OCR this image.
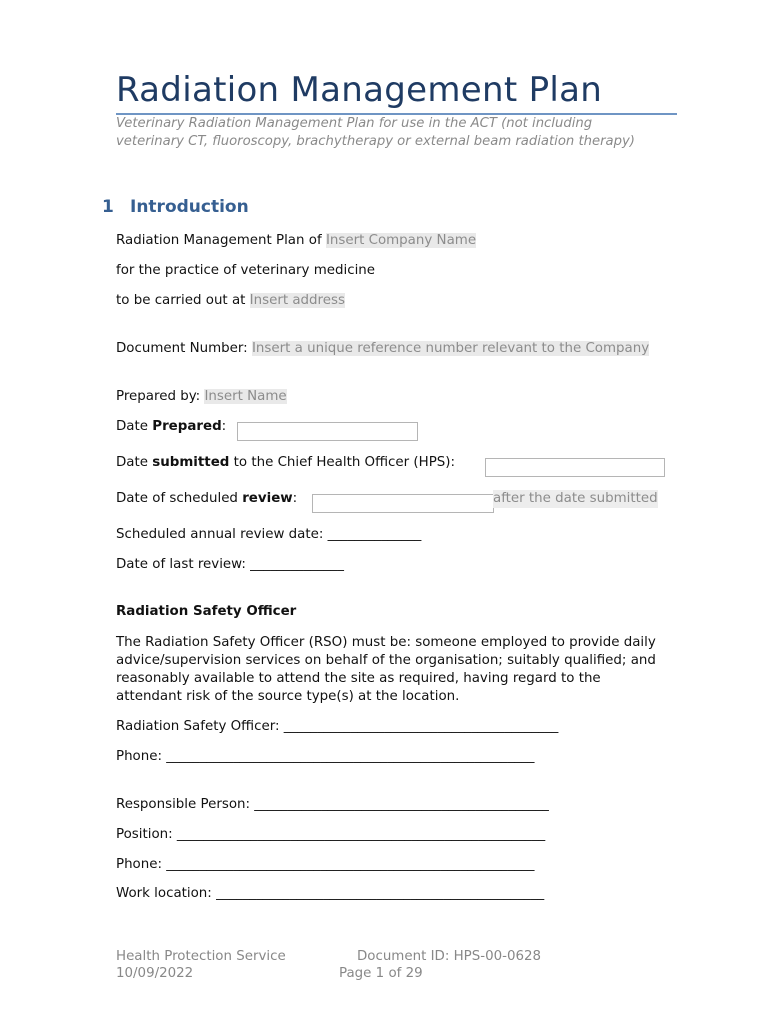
Radiation Management Plan
Veterinary Radiation Management Plan for use in the ACT (not including veterinary CT, fluoroscopy, brachytherapy or external beam radiation therapy)
1 Introduction
Radiation Management Plan of Insert Company Name
for the practice of veterinary medicine
to be carried out at Insert address
Document Number: Insert a unique reference number relevant to the Company
Prepared by: Insert Name
Date Prepared:
Date submitted to the Chief Health Officer (HPS):
Date of scheduled review:	after the date submitted
Scheduled annual review date: ______________
Date of last review: ______________
Radiation Safety Officer
The Radiation Safety Officer (RSO) must be: someone employed to provide daily advice/supervision services on behalf of the organisation; suitably qualified; and reasonably available to attend the site as required, having regard to the attendant risk of the source type(s) at the location.
Radiation Safety Officer: _________________________________________
Phone: _______________________________________________________
Responsible Person: ____________________________________________
Position: _______________________________________________________
Phone: _______________________________________________________
Work location: _________________________________________________
Health Protection Service
10/09/2022
Document ID: HPS-00-0628
Page 1 of 29
